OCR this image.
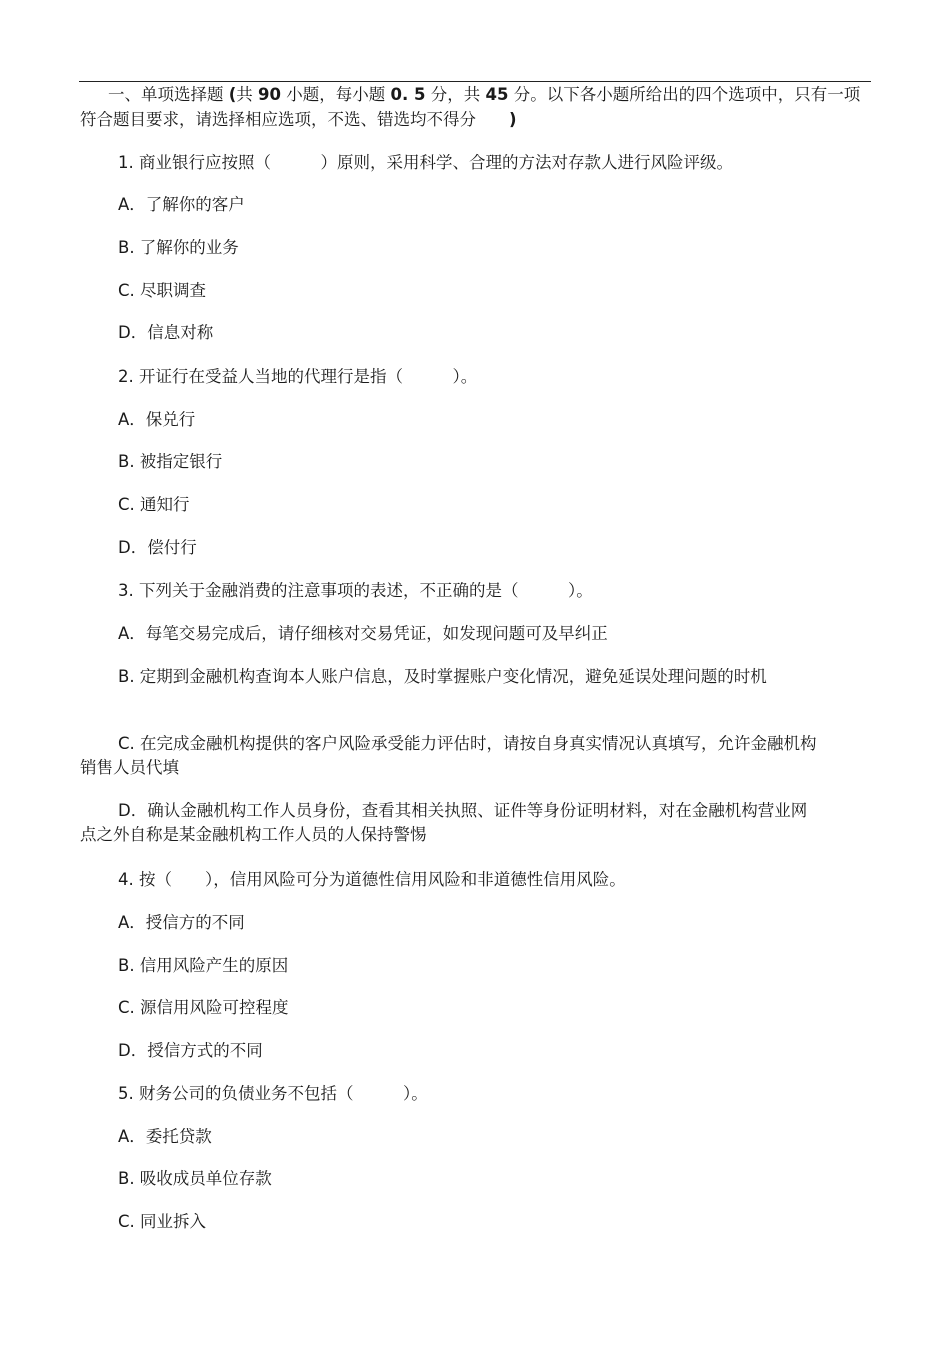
一、单项选择题 (共 90 小题，每小题 0. 5 分，共 45 分。以下各小题所给出的四个选项中，只有一项符合题目要求，请选择相应选项，不选、错选均不得分　　 )

1. 商业银行应按照（　　　）原则，采用科学、合理的方法对存款人进行风险评级。

A．了解你的客户

B. 了解你的业务

C. 尽职调查

D．信息对称

2. 开证行在受益人当地的代理行是指（　　　）。

A．保兑行

B. 被指定银行

C. 通知行

D．偿付行

3. 下列关于金融消费的注意事项的表述，不正确的是（　　　）。

A．每笔交易完成后，请仔细核对交易凭证，如发现问题可及早纠正

B. 定期到金融机构查询本人账户信息，及时掌握账户变化情况，避免延误处理问题的时机

C. 在完成金融机构提供的客户风险承受能力评估时，请按自身真实情况认真填写，允许金融机构销售人员代填

D．确认金融机构工作人员身份，查看其相关执照、证件等身份证明材料，对在金融机构营业网点之外自称是某金融机构工作人员的人保持警惕

4. 按（　　），信用风险可分为道德性信用风险和非道德性信用风险。

A．授信方的不同

B. 信用风险产生的原因

C. 源信用风险可控程度

D．授信方式的不同

5. 财务公司的负债业务不包括（　　　）。

A．委托贷款

B. 吸收成员单位存款

C. 同业拆入
